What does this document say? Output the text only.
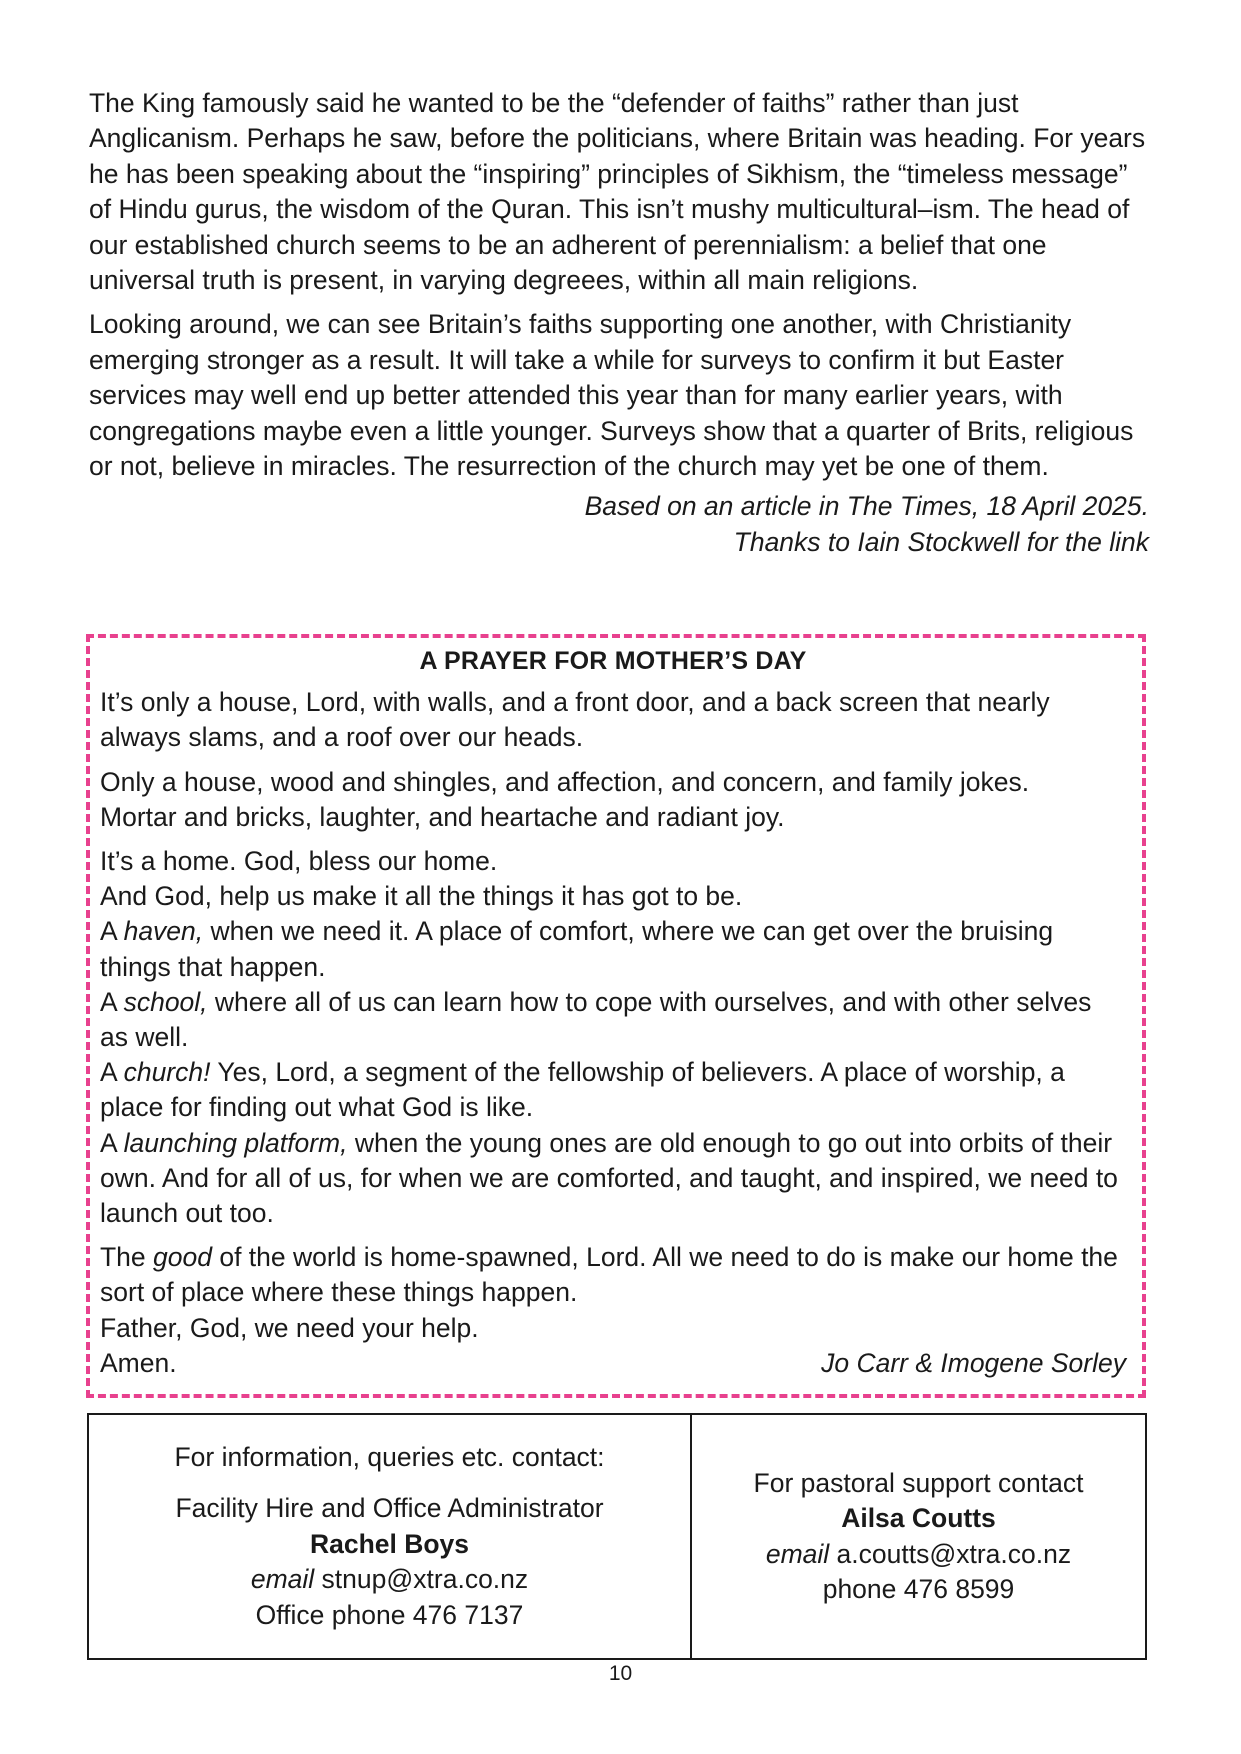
The King famously said he wanted to be the “defender of faiths” rather than just Anglicanism. Perhaps he saw, before the politicians, where Britain was heading. For years he has been speaking about the “inspiring” principles of Sikhism, the “timeless message” of Hindu gurus, the wisdom of the Quran. This isn’t mushy multicultural–ism. The head of our established church seems to be an adherent of perennialism: a belief that one universal truth is present, in varying degreees, within all main religions.

Looking around, we can see Britain’s faiths supporting one another, with Christianity emerging stronger as a result. It will take a while for surveys to confirm it but Easter services may well end up better attended this year than for many earlier years, with congregations maybe even a little younger. Surveys show that a quarter of Brits, religious or not, believe in miracles. The resurrection of the church may yet be one of them.

Based on an article in The Times, 18 April 2025.
Thanks to Iain Stockwell for the link
A PRAYER FOR MOTHER’S DAY

It’s only a house, Lord, with walls, and a front door, and a back screen that nearly always slams, and a roof over our heads.

Only a house, wood and shingles, and affection, and concern, and family jokes.
Mortar and bricks, laughter, and heartache and radiant joy.

It’s a home. God, bless our home.
And God, help us make it all the things it has got to be.

A haven, when we need it. A place of comfort, where we can get over the bruising things that happen.

A school, where all of us can learn how to cope with ourselves, and with other selves as well.

A church! Yes, Lord, a segment of the fellowship of believers. A place of worship, a place for finding out what God is like.

A launching platform, when the young ones are old enough to go out into orbits of their own. And for all of us, for when we are comforted, and taught, and inspired, we need to launch out too.

The good of the world is home-spawned, Lord. All we need to do is make our home the sort of place where these things happen.

Father, God, we need your help.

Amen.	Jo Carr & Imogene Sorley
For information, queries etc. contact:
Facility Hire and Office Administrator
Rachel Boys
email stnup@xtra.co.nz
Office phone 476 7137
For pastoral support contact
Ailsa Coutts
email a.coutts@xtra.co.nz
phone 476 8599
10
